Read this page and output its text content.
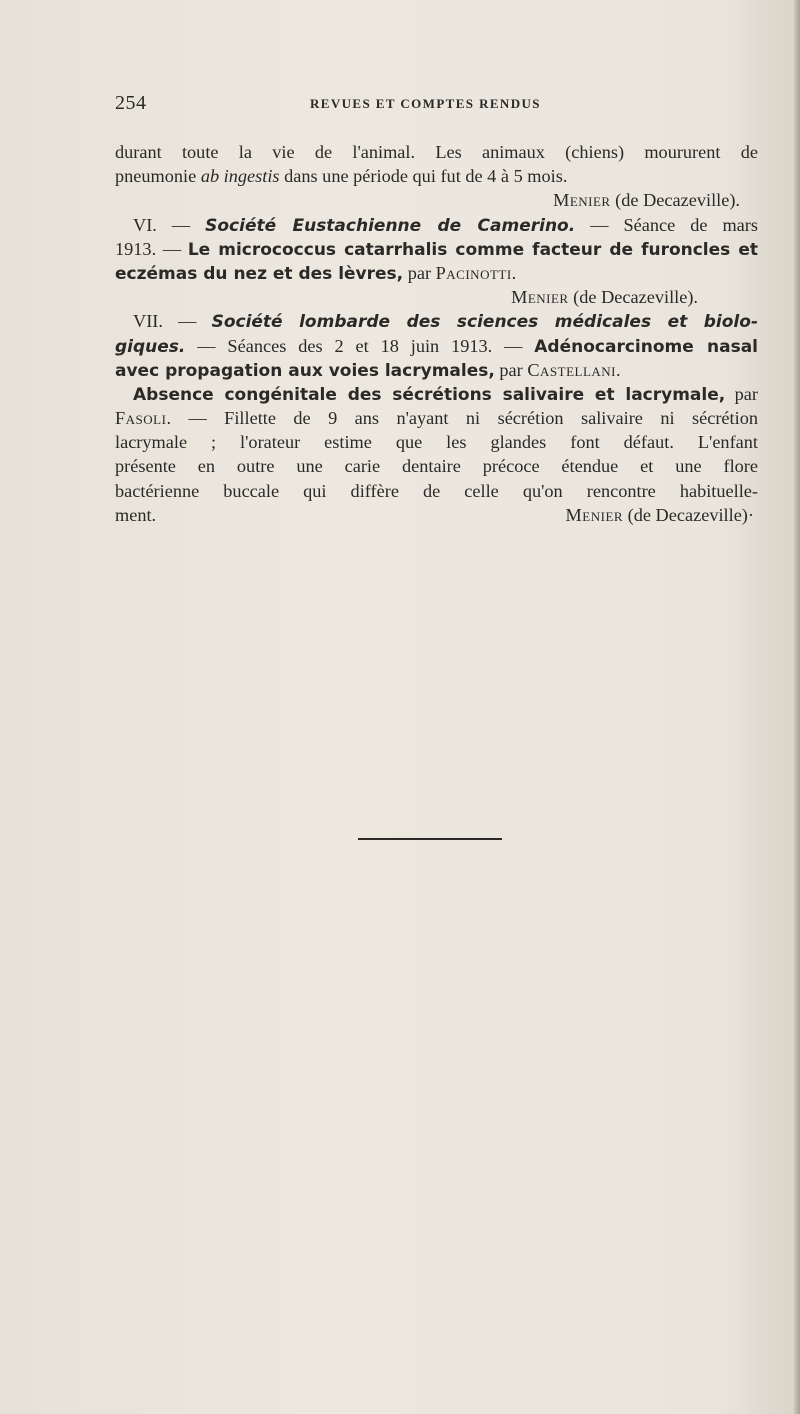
254	REVUES ET COMPTES RENDUS
durant toute la vie de l'animal. Les animaux (chiens) moururent de
pneumonie ab ingestis dans une période qui fut de 4 à 5 mois.
Menier (de Decazeville).
VI. — Société Eustachienne de Camerino. — Séance de mars
1913. — Le micrococcus catarrhalis comme facteur de furoncles et
eczémas du nez et des lèvres, par Pacinotti.
Menier (de Decazeville).
VII. — Société lombarde des sciences médicales et biolo-
giques. — Séances des 2 et 18 juin 1913. — Adénocarcinome nasal
avec propagation aux voies lacrymales, par Castellani.
Absence congénitale des sécrétions salivaire et lacrymale, par
Fasoli. — Fillette de 9 ans n'ayant ni sécrétion salivaire ni sécrétion
lacrymale ; l'orateur estime que les glandes font défaut. L'enfant
présente en outre une carie dentaire précoce étendue et une flore
bactérienne buccale qui diffère de celle qu'on rencontre habituelle-
ment.	Menier (de Decazeville)·
